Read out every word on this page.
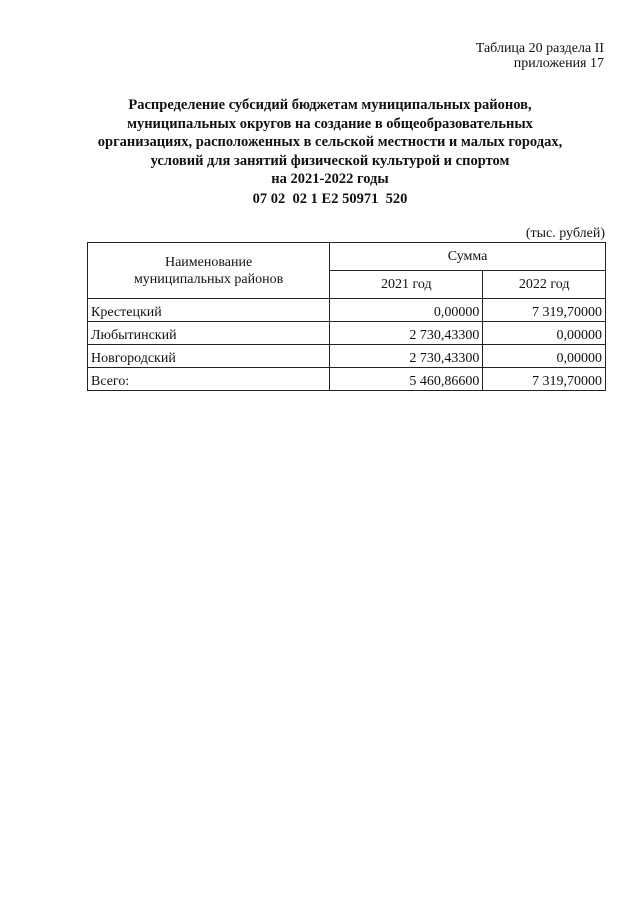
Таблица 20 раздела II
приложения 17
Распределение субсидий бюджетам муниципальных районов,
муниципальных округов на создание в общеобразовательных
организациях, расположенных в сельской местности и малых городах,
условий для занятий физической культурой и спортом
на 2021-2022 годы
07 02  02 1 E2 50971  520
(тыс. рублей)
Наименование
муниципальных районов	Сумма	
	2021 год	2022 год
Крестецкий	0,00000	7 319,70000
Любытинский	2 730,43300	0,00000
Новгородский	2 730,43300	0,00000
Всего:	5 460,86600	7 319,70000
